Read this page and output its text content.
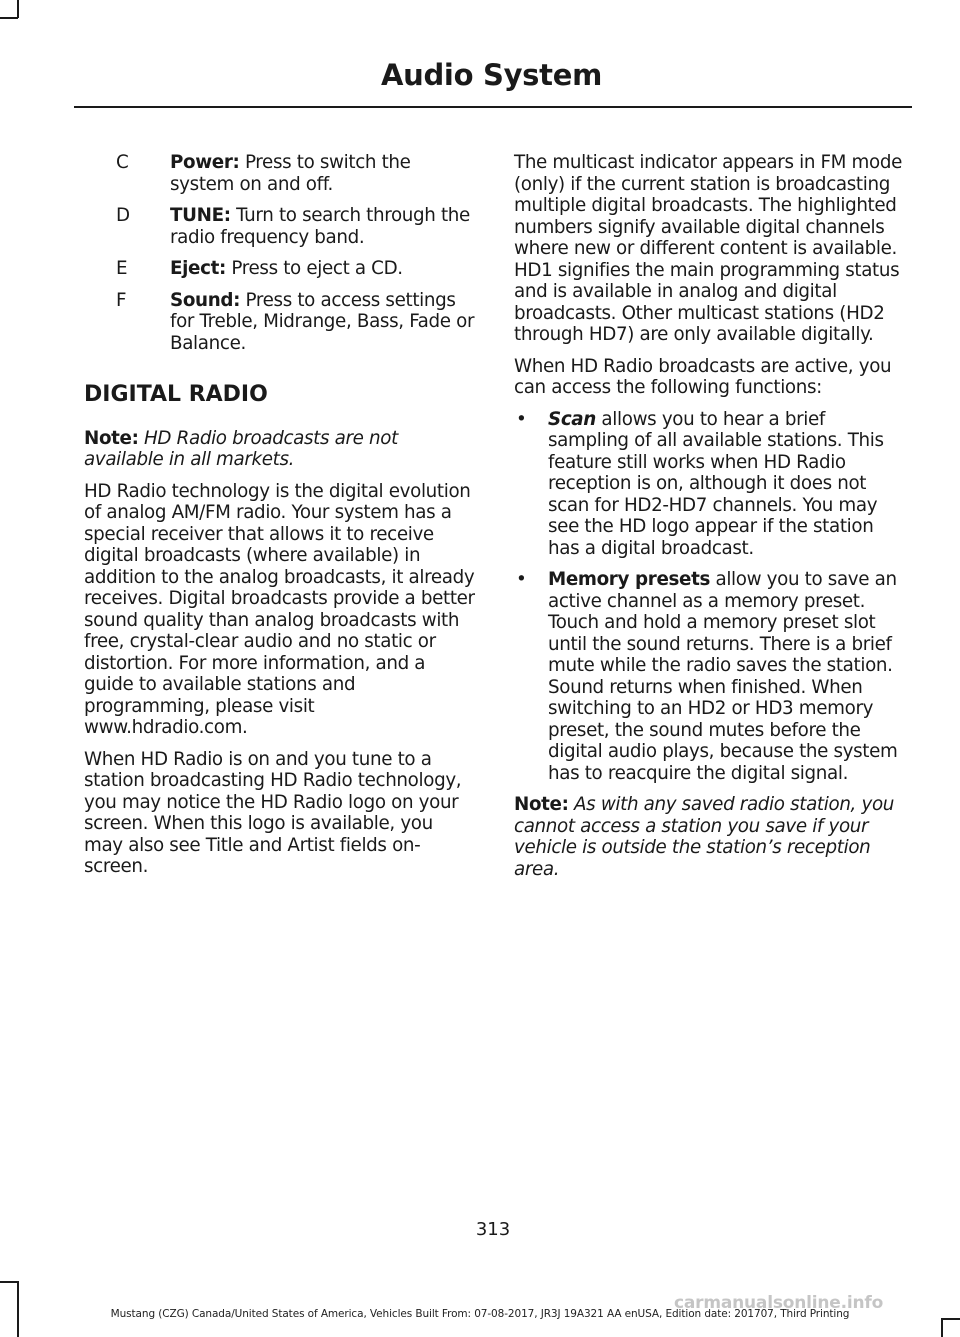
Audio System
C	Power: Press to switch the system on and off.
D	TUNE: Turn to search through the radio frequency band.
E	Eject: Press to eject a CD.
F	Sound: Press to access settings for Treble, Midrange, Bass, Fade or Balance.
DIGITAL RADIO

Note: HD Radio broadcasts are not available in all markets.

HD Radio technology is the digital evolution of analog AM/FM radio. Your system has a special receiver that allows it to receive digital broadcasts (where available) in addition to the analog broadcasts, it already receives. Digital broadcasts provide a better sound quality than analog broadcasts with free, crystal-clear audio and no static or distortion. For more information, and a guide to available stations and programming, please visit www.hdradio.com.

When HD Radio is on and you tune to a station broadcasting HD Radio technology, you may notice the HD Radio logo on your screen. When this logo is available, you may also see Title and Artist fields on-screen.

The multicast indicator appears in FM mode (only) if the current station is broadcasting multiple digital broadcasts. The highlighted numbers signify available digital channels where new or different content is available. HD1 signifies the main programming status and is available in analog and digital broadcasts. Other multicast stations (HD2 through HD7) are only available digitally.

When HD Radio broadcasts are active, you can access the following functions:

•	Scan allows you to hear a brief sampling of all available stations. This feature still works when HD Radio reception is on, although it does not scan for HD2-HD7 channels. You may see the HD logo appear if the station has a digital broadcast.
•	Memory presets allow you to save an active channel as a memory preset. Touch and hold a memory preset slot until the sound returns. There is a brief mute while the radio saves the station. Sound returns when finished. When switching to an HD2 or HD3 memory preset, the sound mutes before the digital audio plays, because the system has to reacquire the digital signal.

Note: As with any saved radio station, you cannot access a station you save if your vehicle is outside the station’s reception area.

313
Mustang (CZG) Canada/United States of America, Vehicles Built From: 07-08-2017, JR3J 19A321 AA enUSA, Edition date: 201707, Third Printing
carmanualsonline.info
